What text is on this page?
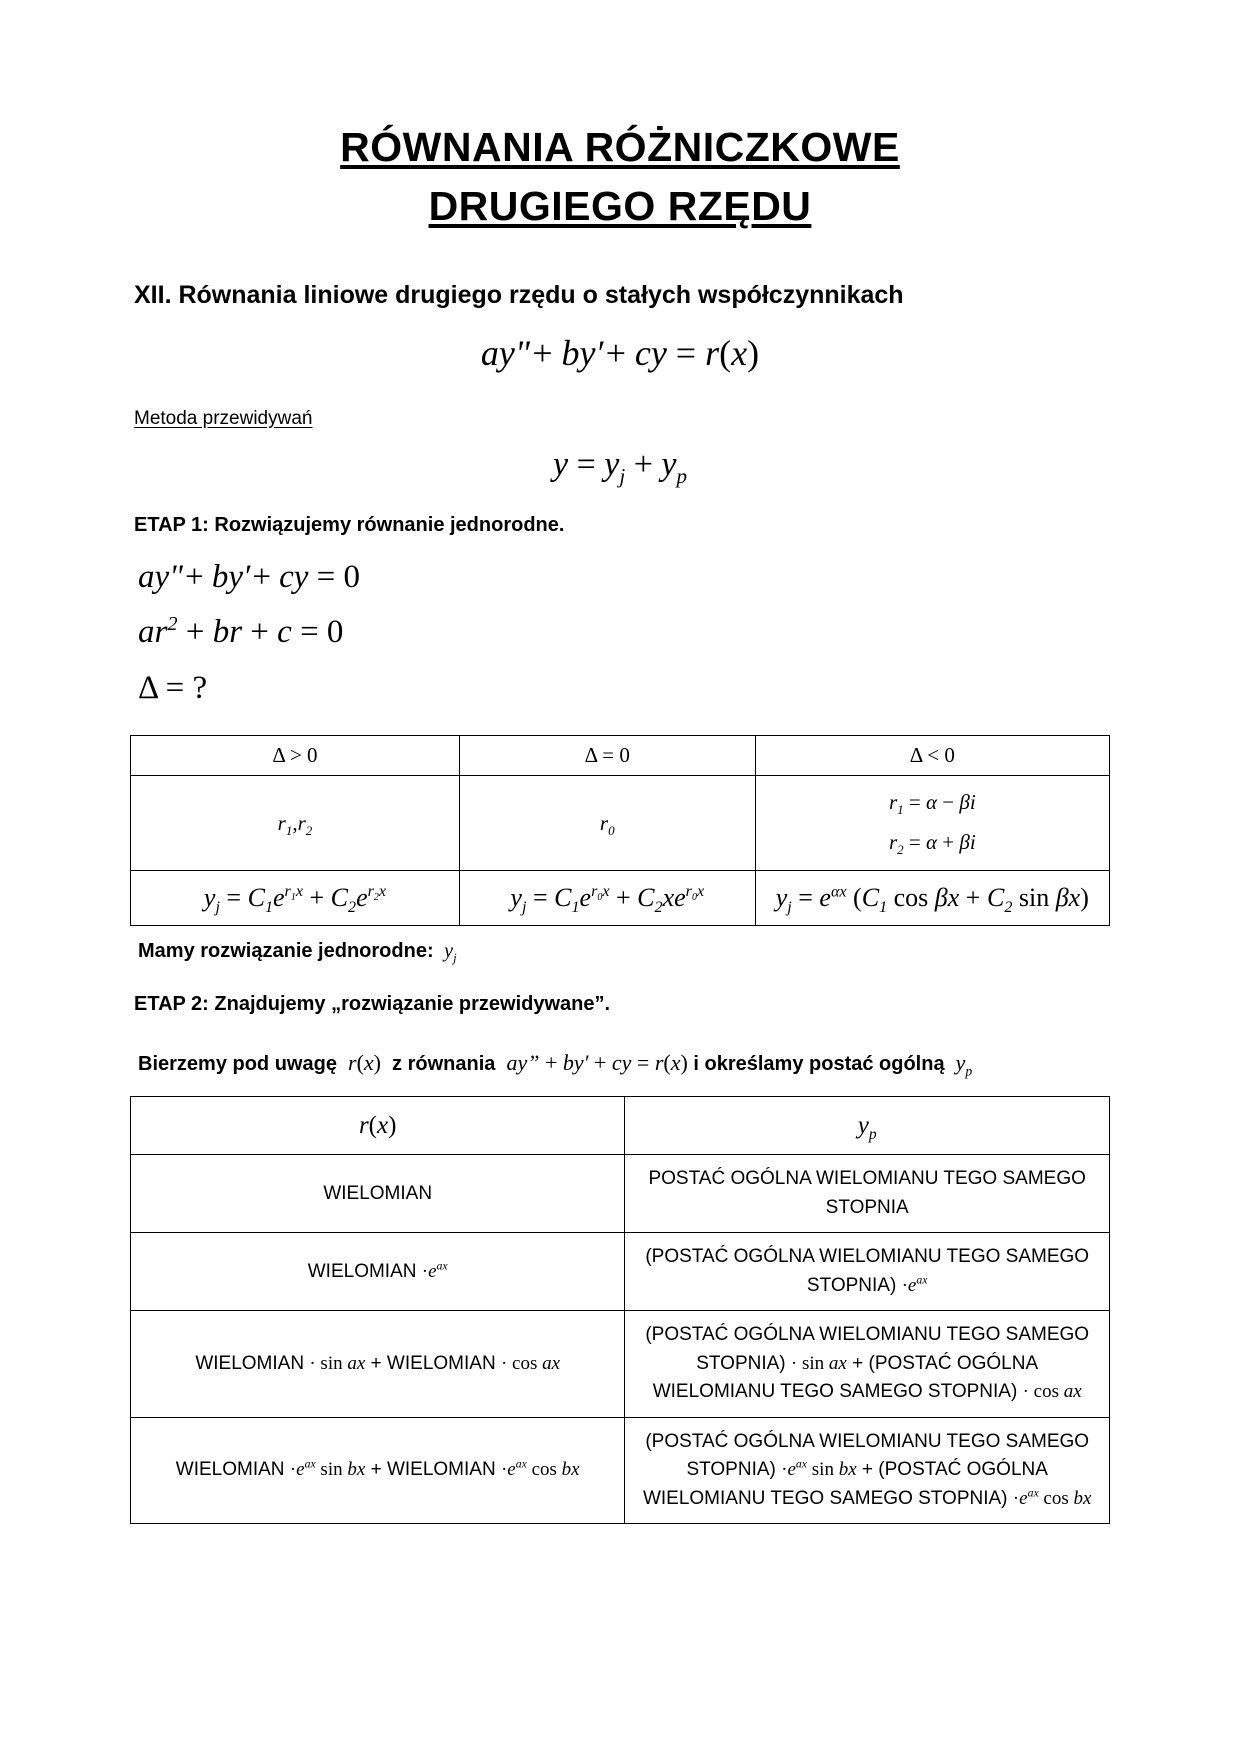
RÓWNANIA RÓŻNICZKOWE
DRUGIEGO RZĘDU
XII. Równania liniowe drugiego rzędu o stałych współczynnikach
ay"+ by′+ cy = r(x)
Metoda przewidywań
$y = y_j + y_p$
ETAP 1: Rozwiązujemy równanie jednorodne.
ay"+ by′+ cy = 0
$ar^2$ + br + c = 0
Δ = ?
Δ > 0	Δ = 0	Δ < 0
$r_1,r_2$	$r_0$	$r_1 = \alpha - \beta i$
$r_2 = \alpha + \beta i$
$y_j = C_1e^{r_1x} + C_2e^{r_2x}$	$y_j = C_1e^{r_0x} + C_2xe^{r_0x}$	$y_j = e^{\alpha x}$ ($C_1$ $\cos \beta x + C_2$ sin βx)
Mamy rozwiązanie jednorodne:  $y_j$
ETAP 2: Znajdujemy „rozwiązanie przewidywane”.
Bierzemy pod uwagę  r(x) z równania  ay” + by′ + cy = r(x) i określamy postać ogólną  $y_p$
r(x)	$y_p$
WIELOMIAN	POSTAĆ OGÓLNA WIELOMIANU TEGO SAMEGO STOPNIA
WIELOMIAN $\cdot e^{ax}$	(POSTAĆ OGÓLNA WIELOMIANU TEGO SAMEGO STOPNIA) $\cdot e^{ax}$
WIELOMIAN · sin ax + WIELOMIAN · cos ax	(POSTAĆ OGÓLNA WIELOMIANU TEGO SAMEGO STOPNIA) · sin ax + (POSTAĆ OGÓLNA WIELOMIANU TEGO SAMEGO STOPNIA) · cos ax
WIELOMIAN $\cdot e^{ax}$ sin bx + WIELOMIAN $\cdot e^{ax}$ cos bx	(POSTAĆ OGÓLNA WIELOMIANU TEGO SAMEGO STOPNIA) $\cdot e^{ax}$ sin bx + (POSTAĆ OGÓLNA WIELOMIANU TEGO SAMEGO STOPNIA) $\cdot e^{ax}$ cos bx
